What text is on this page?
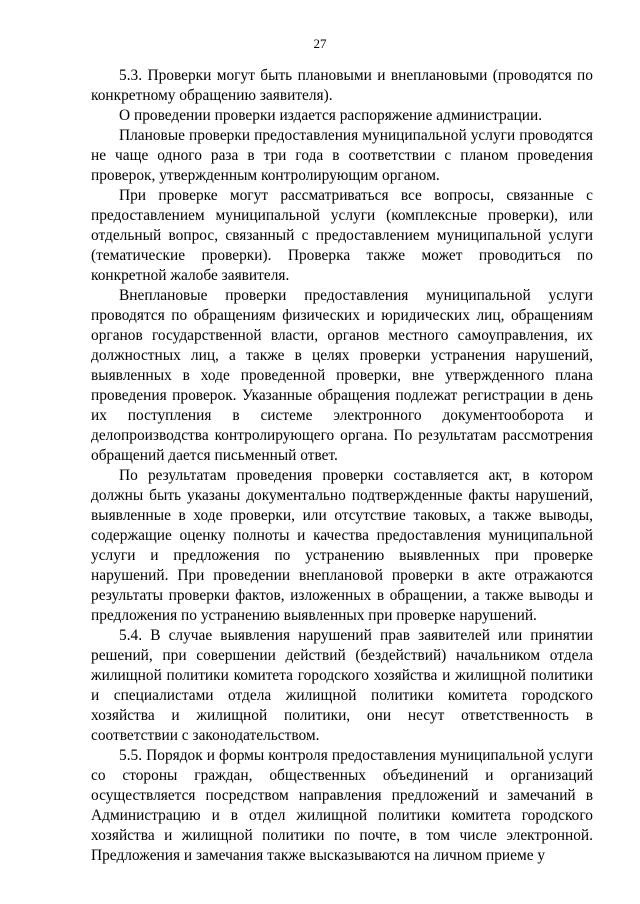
27

5.3. Проверки могут быть плановыми и внеплановыми (проводятся по конкретному обращению заявителя).

О проведении проверки издается распоряжение администрации.

Плановые проверки предоставления муниципальной услуги проводятся не чаще одного раза в три года в соответствии с планом проведения проверок, утвержденным контролирующим органом.

При проверке могут рассматриваться все вопросы, связанные с предоставлением муниципальной услуги (комплексные проверки), или отдельный вопрос, связанный с предоставлением муниципальной услуги (тематические проверки). Проверка также может проводиться по конкретной жалобе заявителя.

Внеплановые проверки предоставления муниципальной услуги проводятся по обращениям физических и юридических лиц, обращениям органов государственной власти, органов местного самоуправления, их должностных лиц, а также в целях проверки устранения нарушений, выявленных в ходе проведенной проверки, вне утвержденного плана проведения проверок. Указанные обращения подлежат регистрации в день их поступления в системе электронного документооборота и делопроизводства контролирующего органа. По результатам рассмотрения обращений дается письменный ответ.

По результатам проведения проверки составляется акт, в котором должны быть указаны документально подтвержденные факты нарушений, выявленные в ходе проверки, или отсутствие таковых, а также выводы, содержащие оценку полноты и качества предоставления муниципальной услуги и предложения по устранению выявленных при проверке нарушений. При проведении внеплановой проверки в акте отражаются результаты проверки фактов, изложенных в обращении, а также выводы и предложения по устранению выявленных при проверке нарушений.

5.4. В случае выявления нарушений прав заявителей или принятии решений, при совершении действий (бездействий) начальником отдела жилищной политики комитета городского хозяйства и жилищной политики и специалистами отдела жилищной политики комитета городского хозяйства и жилищной политики, они несут ответственность в соответствии с законодательством.

5.5. Порядок и формы контроля предоставления муниципальной услуги со стороны граждан, общественных объединений и организаций осуществляется посредством направления предложений и замечаний в Администрацию и в отдел жилищной политики комитета городского хозяйства и жилищной политики по почте, в том числе электронной. Предложения и замечания также высказываются на личном приеме у
